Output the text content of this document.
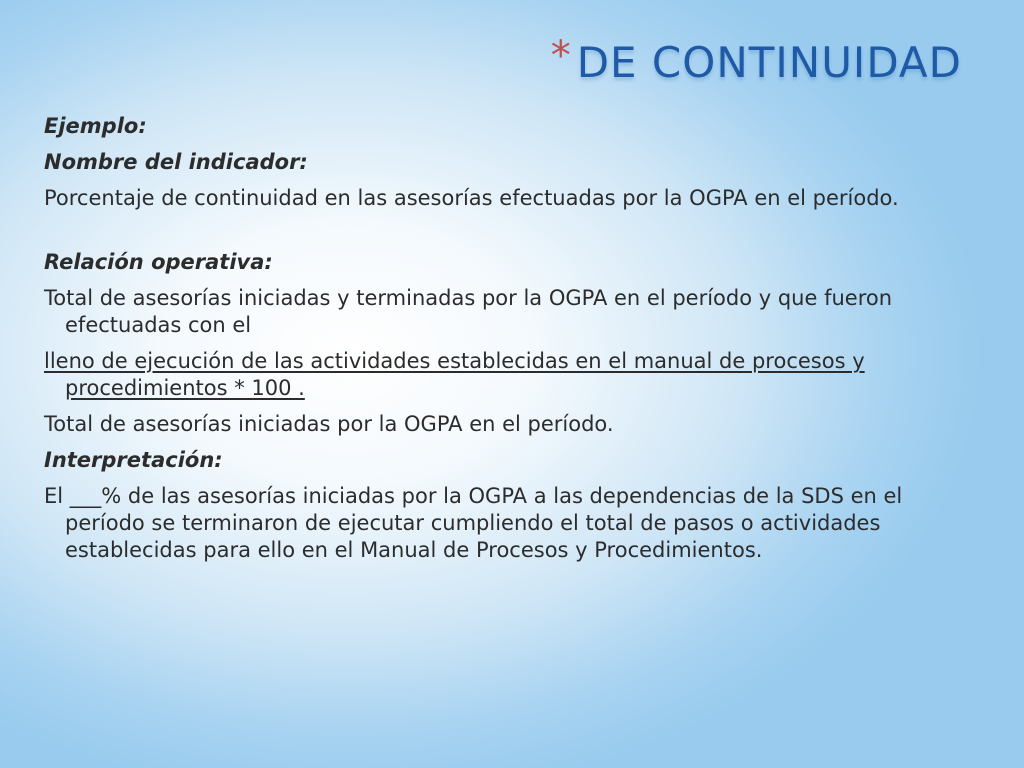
* DE CONTINUIDAD

Ejemplo:

Nombre del indicador:

Porcentaje de continuidad en las asesorías efectuadas por la OGPA en el período.

Relación operativa:

Total de asesorías iniciadas y terminadas por la OGPA en el período y que fueron efectuadas con el

lleno de ejecución de las actividades establecidas en el manual de procesos y procedimientos * 100 .

Total de asesorías iniciadas por la OGPA en el período.

Interpretación:

El ___% de las asesorías iniciadas por la OGPA a las dependencias de la SDS en el período se terminaron de ejecutar cumpliendo el total de pasos o actividades establecidas para ello en el Manual de Procesos y Procedimientos.
